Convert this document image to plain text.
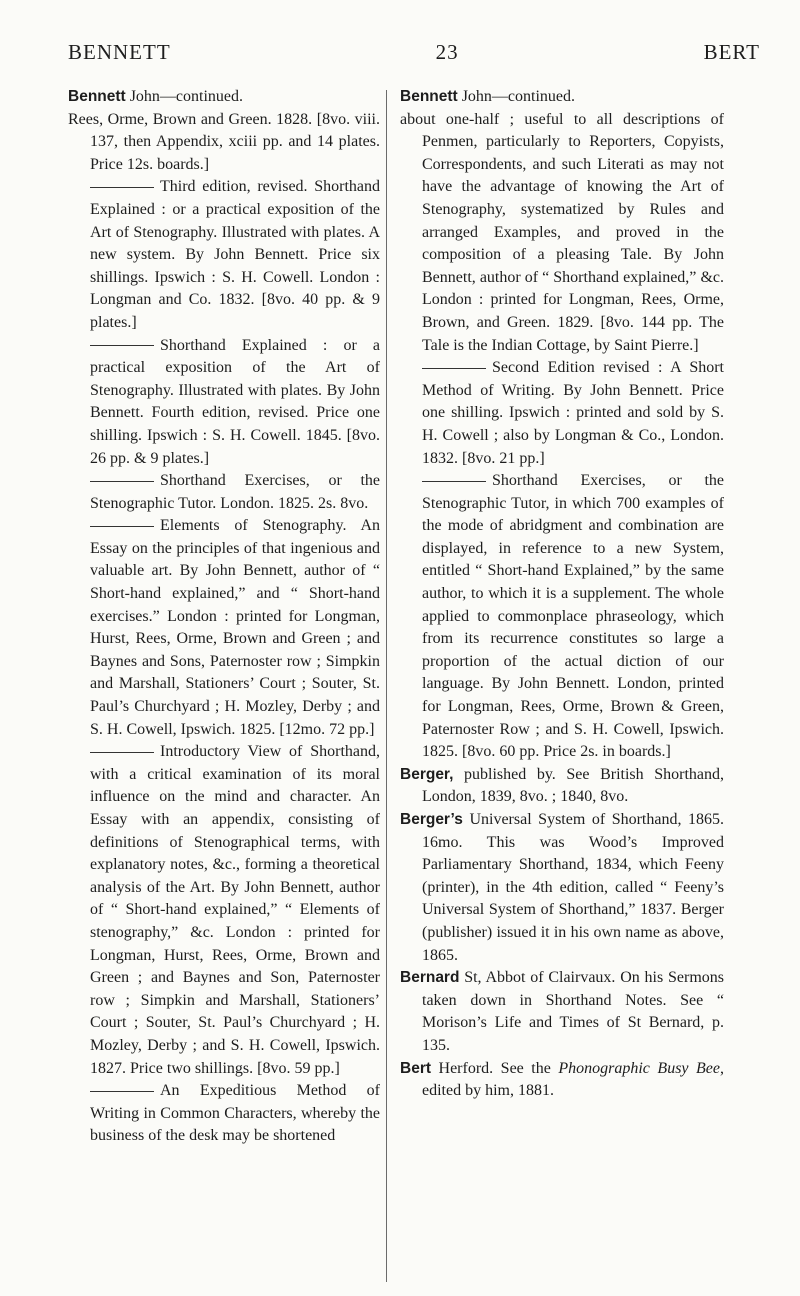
BENNETT	23	BERT

Bennett John—continued.
Rees, Orme, Brown and Green. 1828. [8vo. viii. 137, then Appendix, xciii pp. and 14 plates. Price 12s. boards.]

Third edition, revised. Shorthand Explained : or a practical exposition of the Art of Stenography. Illustrated with plates. A new system. By John Bennett. Price six shillings. Ipswich : S. H. Cowell. London : Longman and Co. 1832. [8vo. 40 pp. & 9 plates.]

Shorthand Explained : or a practical exposition of the Art of Stenography. Illustrated with plates. By John Bennett. Fourth edition, revised. Price one shilling. Ipswich : S. H. Cowell. 1845. [8vo. 26 pp. & 9 plates.]

Shorthand Exercises, or the Stenographic Tutor. London. 1825. 2s. 8vo.

Elements of Stenography. An Essay on the principles of that ingenious and valuable art. By John Bennett, author of “ Short-hand explained,” and “ Short-hand exercises.” London : printed for Longman, Hurst, Rees, Orme, Brown and Green ; and Baynes and Sons, Paternoster row ; Simpkin and Marshall, Stationers’ Court ; Souter, St. Paul’s Churchyard ; H. Mozley, Derby ; and S. H. Cowell, Ipswich. 1825. [12mo. 72 pp.]

Introductory View of Shorthand, with a critical examination of its moral influence on the mind and character. An Essay with an appendix, consisting of definitions of Stenographical terms, with explanatory notes, &c., forming a theoretical analysis of the Art. By John Bennett, author of “ Short-hand explained,” “ Elements of stenography,” &c. London : printed for Longman, Hurst, Rees, Orme, Brown and Green ; and Baynes and Son, Paternoster row ; Simpkin and Marshall, Stationers’ Court ; Souter, St. Paul’s Churchyard ; H. Mozley, Derby ; and S. H. Cowell, Ipswich. 1827. Price two shillings. [8vo. 59 pp.]

An Expeditious Method of Writing in Common Characters, whereby the business of the desk may be shortened

Bennett John—continued.
about one-half ; useful to all descriptions of Penmen, particularly to Reporters, Copyists, Correspondents, and such Literati as may not have the advantage of knowing the Art of Stenography, systematized by Rules and arranged Examples, and proved in the composition of a pleasing Tale. By John Bennett, author of “ Shorthand explained,” &c. London : printed for Longman, Rees, Orme, Brown, and Green. 1829. [8vo. 144 pp. The Tale is the Indian Cottage, by Saint Pierre.]

Second Edition revised : A Short Method of Writing. By John Bennett. Price one shilling. Ipswich : printed and sold by S. H. Cowell ; also by Longman & Co., London. 1832. [8vo. 21 pp.]

Shorthand Exercises, or the Stenographic Tutor, in which 700 examples of the mode of abridgment and combination are displayed, in reference to a new System, entitled “ Short-hand Explained,” by the same author, to which it is a supplement. The whole applied to commonplace phraseology, which from its recurrence constitutes so large a proportion of the actual diction of our language. By John Bennett. London, printed for Longman, Rees, Orme, Brown & Green, Paternoster Row ; and S. H. Cowell, Ipswich. 1825. [8vo. 60 pp. Price 2s. in boards.]

Berger, published by. See British Shorthand, London, 1839, 8vo. ; 1840, 8vo.

Berger’s Universal System of Shorthand, 1865. 16mo. This was Wood’s Improved Parliamentary Shorthand, 1834, which Feeny (printer), in the 4th edition, called “ Feeny’s Universal System of Shorthand,” 1837. Berger (publisher) issued it in his own name as above, 1865.

Bernard St, Abbot of Clairvaux. On his Sermons taken down in Shorthand Notes. See “ Morison’s Life and Times of St Bernard, p. 135.

Bert Herford. See the Phonographic Busy Bee, edited by him, 1881.
